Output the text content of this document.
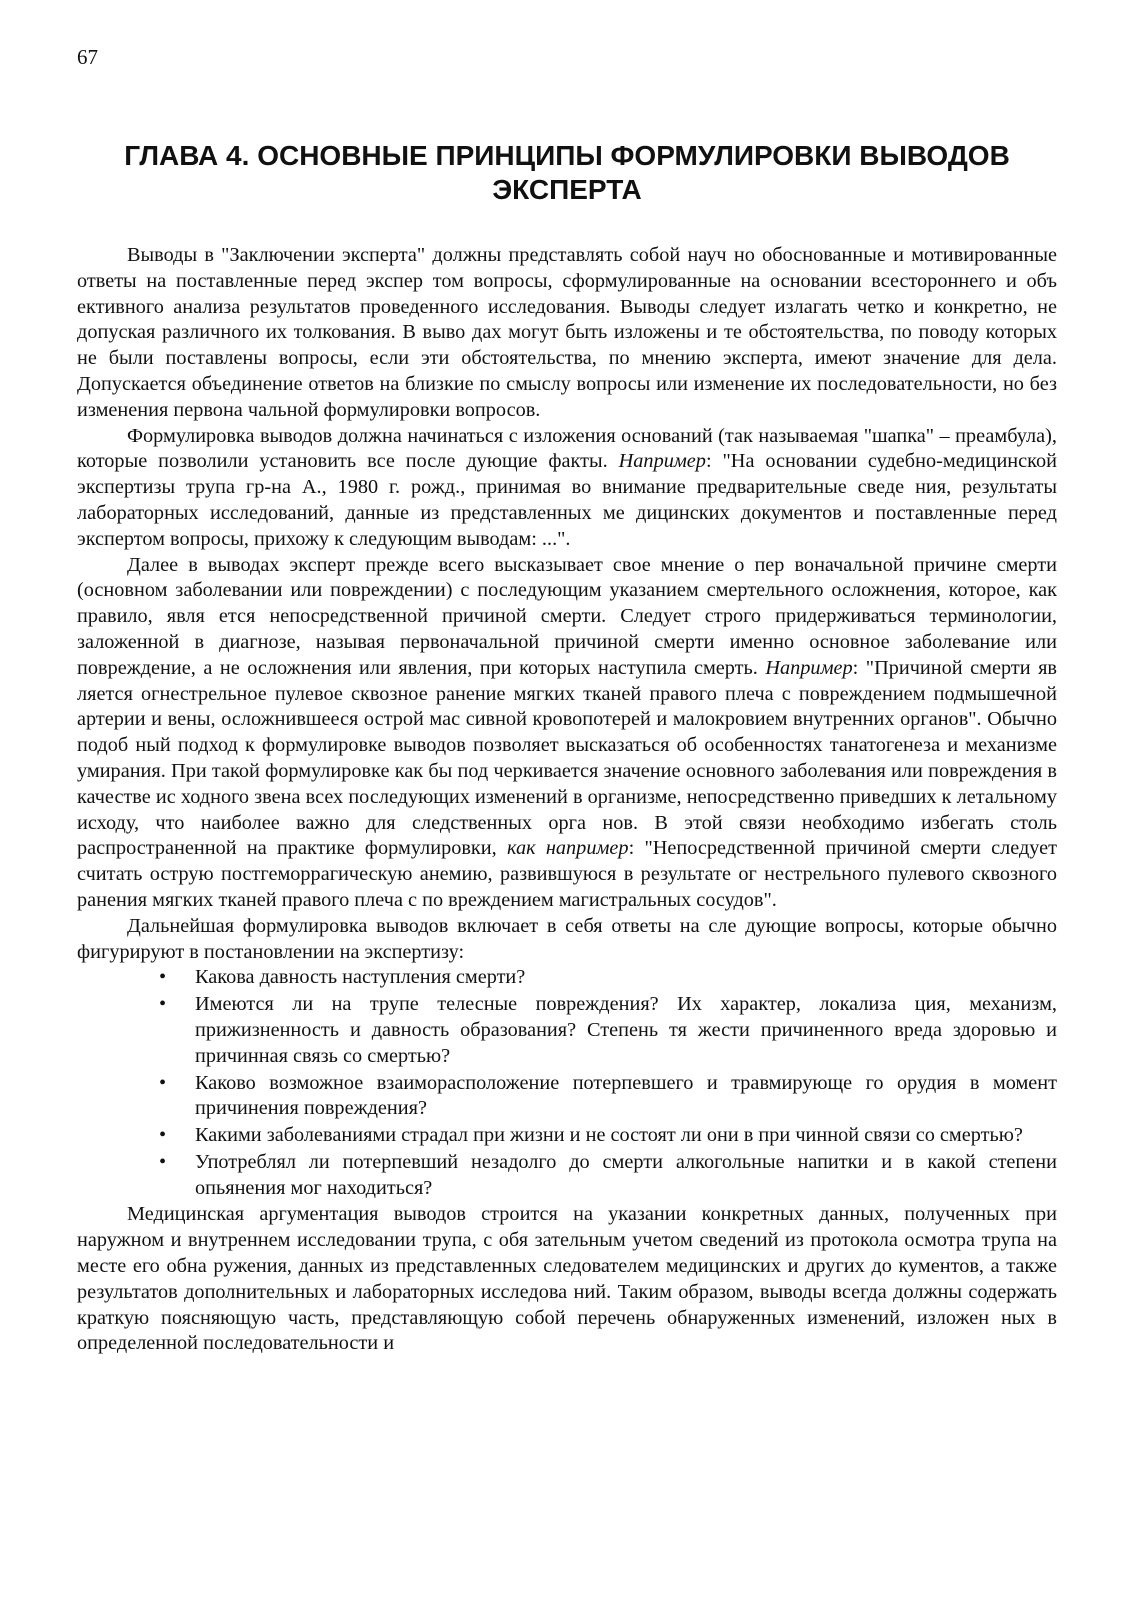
67
ГЛАВА 4. ОСНОВНЫЕ ПРИНЦИПЫ ФОРМУЛИРОВКИ ВЫВОДОВ
ЭКСПЕРТА

Выводы в "Заключении эксперта" должны представлять собой науч но обоснованные и мотивированные ответы на поставленные перед экспер том вопросы, сформулированные на основании всестороннего и объ ективного анализа результатов проведенного исследования. Выводы следует излагать четко и конкретно, не допуская различного их толкования. В выво дах могут быть изложены и те обстоятельства, по поводу которых не были поставлены вопросы, если эти обстоятельства, по мнению эксперта, имеют значение для дела. Допускается объединение ответов на близкие по смыслу вопросы или изменение их последовательности, но без изменения первона чальной формулировки вопросов.

Формулировка выводов должна начинаться с изложения оснований (так называемая "шапка" – преамбула), которые позволили установить все после дующие факты. Например: "На основании судебно-медицинской экспертизы трупа гр-на А., 1980 г. рожд., принимая во внимание предварительные сведе ния, результаты лабораторных исследований, данные из представленных ме дицинских документов и поставленные перед экспертом вопросы, прихожу к следующим выводам: ...".

Далее в выводах эксперт прежде всего высказывает свое мнение о пер воначальной причине смерти (основном заболевании или повреждении) с последующим указанием смертельного осложнения, которое, как правило, явля ется непосредственной причиной смерти. Следует строго придерживаться терминологии, заложенной в диагнозе, называя первоначальной причиной смерти именно основное заболевание или повреждение, а не осложнения или явления, при которых наступила смерть. Например: "Причиной смерти яв ляется огнестрельное пулевое сквозное ранение мягких тканей правого плеча с повреждением подмышечной артерии и вены, осложнившееся острой мас сивной кровопотерей и малокровием внутренних органов". Обычно подоб ный подход к формулировке выводов позволяет высказаться об особенностях танатогенеза и механизме умирания. При такой формулировке как бы под черкивается значение основного заболевания или повреждения в качестве ис ходного звена всех последующих изменений в организме, непосредственно приведших к летальному исходу, что наиболее важно для следственных орга нов. В этой связи необходимо избегать столь распространенной на практике формулировки, как например: "Непосредственной причиной смерти следует считать острую постгеморрагическую анемию, развившуюся в результате ог нестрельного пулевого сквозного ранения мягких тканей правого плеча с по вреждением магистральных сосудов".

Дальнейшая формулировка выводов включает в себя ответы на сле дующие вопросы, которые обычно фигурируют в постановлении на экспертизу:

• Какова давность наступления смерти?
• Имеются ли на трупе телесные повреждения? Их характер, локализа ция, механизм, прижизненность и давность образования? Степень тя жести причиненного вреда здоровью и причинная связь со смертью?
• Каково возможное взаиморасположение потерпевшего и травмирующе го орудия в момент причинения повреждения?
• Какими заболеваниями страдал при жизни и не состоят ли они в при чинной связи со смертью?
• Употреблял ли потерпевший незадолго до смерти алкогольные напитки и в какой степени опьянения мог находиться?

Медицинская аргументация выводов строится на указании конкретных данных, полученных при наружном и внутреннем исследовании трупа, с обя зательным учетом сведений из протокола осмотра трупа на месте его обна ружения, данных из представленных следователем медицинских и других до кументов, а также результатов дополнительных и лабораторных исследова ний. Таким образом, выводы всегда должны содержать краткую поясняющую часть, представляющую собой перечень обнаруженных изменений, изложен ных в определенной последовательности и
